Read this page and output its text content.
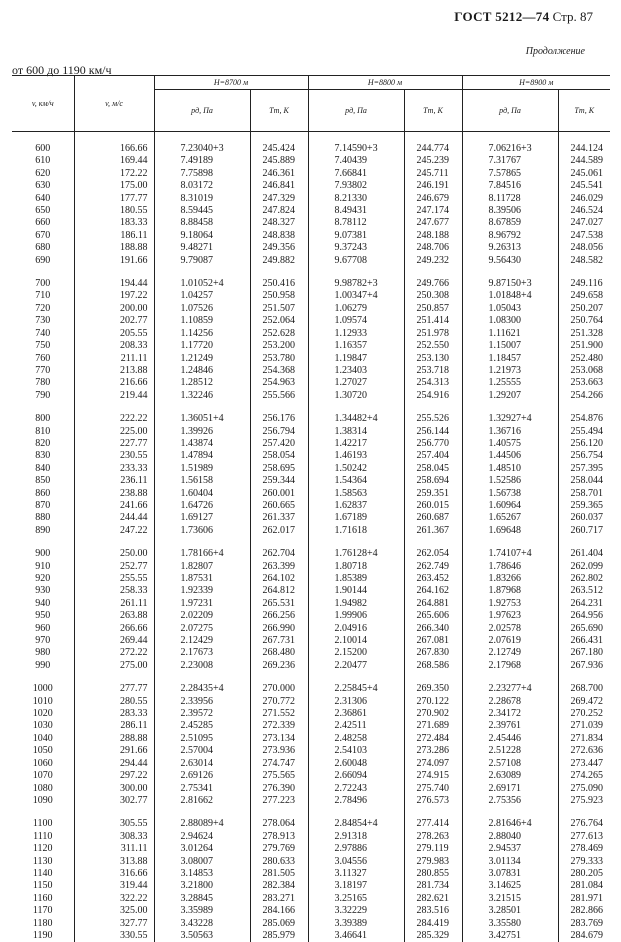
ГОСТ 5212—74 Стр. 87
Продолжение
от 600 до 1190 км/ч
v, км/ч	v, м/с	H=8700 м		H=8800 м		H=8900 м	
		pд, Па	Tт, К	pд, Па	Tт, К	pд, Па	Tт, К

600	166.66	7.23040+3	245.424	7.14590+3	244.774	7.06216+3	244.124
610	169.44	7.49189	245.889	7.40439	245.239	7.31767	244.589
620	172.22	7.75898	246.361	7.66841	245.711	7.57865	245.061
630	175.00	8.03172	246.841	7.93802	246.191	7.84516	245.541
640	177.77	8.31019	247.329	8.21330	246.679	8.11728	246.029
650	180.55	8.59445	247.824	8.49431	247.174	8.39506	246.524
660	183.33	8.88458	248.327	8.78112	247.677	8.67859	247.027
670	186.11	9.18064	248.838	9.07381	248.188	8.96792	247.538
680	188.88	9.48271	249.356	9.37243	248.706	9.26313	248.056
690	191.66	9.79087	249.882	9.67708	249.232	9.56430	248.582

700	194.44	1.01052+4	250.416	9.98782+3	249.766	9.87150+3	249.116
710	197.22	1.04257	250.958	1.00347+4	250.308	1.01848+4	249.658
720	200.00	1.07526	251.507	1.06279	250.857	1.05043	250.207
730	202.77	1.10859	252.064	1.09574	251.414	1.08300	250.764
740	205.55	1.14256	252.628	1.12933	251.978	1.11621	251.328
750	208.33	1.17720	253.200	1.16357	252.550	1.15007	251.900
760	211.11	1.21249	253.780	1.19847	253.130	1.18457	252.480
770	213.88	1.24846	254.368	1.23403	253.718	1.21973	253.068
780	216.66	1.28512	254.963	1.27027	254.313	1.25555	253.663
790	219.44	1.32246	255.566	1.30720	254.916	1.29207	254.266

800	222.22	1.36051+4	256.176	1.34482+4	255.526	1.32927+4	254.876
810	225.00	1.39926	256.794	1.38314	256.144	1.36716	255.494
820	227.77	1.43874	257.420	1.42217	256.770	1.40575	256.120
830	230.55	1.47894	258.054	1.46193	257.404	1.44506	256.754
840	233.33	1.51989	258.695	1.50242	258.045	1.48510	257.395
850	236.11	1.56158	259.344	1.54364	258.694	1.52586	258.044
860	238.88	1.60404	260.001	1.58563	259.351	1.56738	258.701
870	241.66	1.64726	260.665	1.62837	260.015	1.60964	259.365
880	244.44	1.69127	261.337	1.67189	260.687	1.65267	260.037
890	247.22	1.73606	262.017	1.71618	261.367	1.69648	260.717

900	250.00	1.78166+4	262.704	1.76128+4	262.054	1.74107+4	261.404
910	252.77	1.82807	263.399	1.80718	262.749	1.78646	262.099
920	255.55	1.87531	264.102	1.85389	263.452	1.83266	262.802
930	258.33	1.92339	264.812	1.90144	264.162	1.87968	263.512
940	261.11	1.97231	265.531	1.94982	264.881	1.92753	264.231
950	263.88	2.02209	266.256	1.99906	265.606	1.97623	264.956
960	266.66	2.07275	266.990	2.04916	266.340	2.02578	265.690
970	269.44	2.12429	267.731	2.10014	267.081	2.07619	266.431
980	272.22	2.17673	268.480	2.15200	267.830	2.12749	267.180
990	275.00	2.23008	269.236	2.20477	268.586	2.17968	267.936

1000	277.77	2.28435+4	270.000	2.25845+4	269.350	2.23277+4	268.700
1010	280.55	2.33956	270.772	2.31306	270.122	2.28678	269.472
1020	283.33	2.39572	271.552	2.36861	270.902	2.34172	270.252
1030	286.11	2.45285	272.339	2.42511	271.689	2.39761	271.039
1040	288.88	2.51095	273.134	2.48258	272.484	2.45446	271.834
1050	291.66	2.57004	273.936	2.54103	273.286	2.51228	272.636
1060	294.44	2.63014	274.747	2.60048	274.097	2.57108	273.447
1070	297.22	2.69126	275.565	2.66094	274.915	2.63089	274.265
1080	300.00	2.75341	276.390	2.72243	275.740	2.69171	275.090
1090	302.77	2.81662	277.223	2.78496	276.573	2.75356	275.923

1100	305.55	2.88089+4	278.064	2.84854+4	277.414	2.81646+4	276.764
1110	308.33	2.94624	278.913	2.91318	278.263	2.88040	277.613
1120	311.11	3.01264	279.769	2.97886	279.119	2.94537	278.469
1130	313.88	3.08007	280.633	3.04556	279.983	3.01134	279.333
1140	316.66	3.14853	281.505	3.11327	280.855	3.07831	280.205
1150	319.44	3.21800	282.384	3.18197	281.734	3.14625	281.084
1160	322.22	3.28845	283.271	3.25165	282.621	3.21515	281.971
1170	325.00	3.35989	284.166	3.32229	283.516	3.28501	282.866
1180	327.77	3.43228	285.069	3.39389	284.419	3.35580	283.769
1190	330.55	3.50563	285.979	3.46641	285.329	3.42751	284.679
